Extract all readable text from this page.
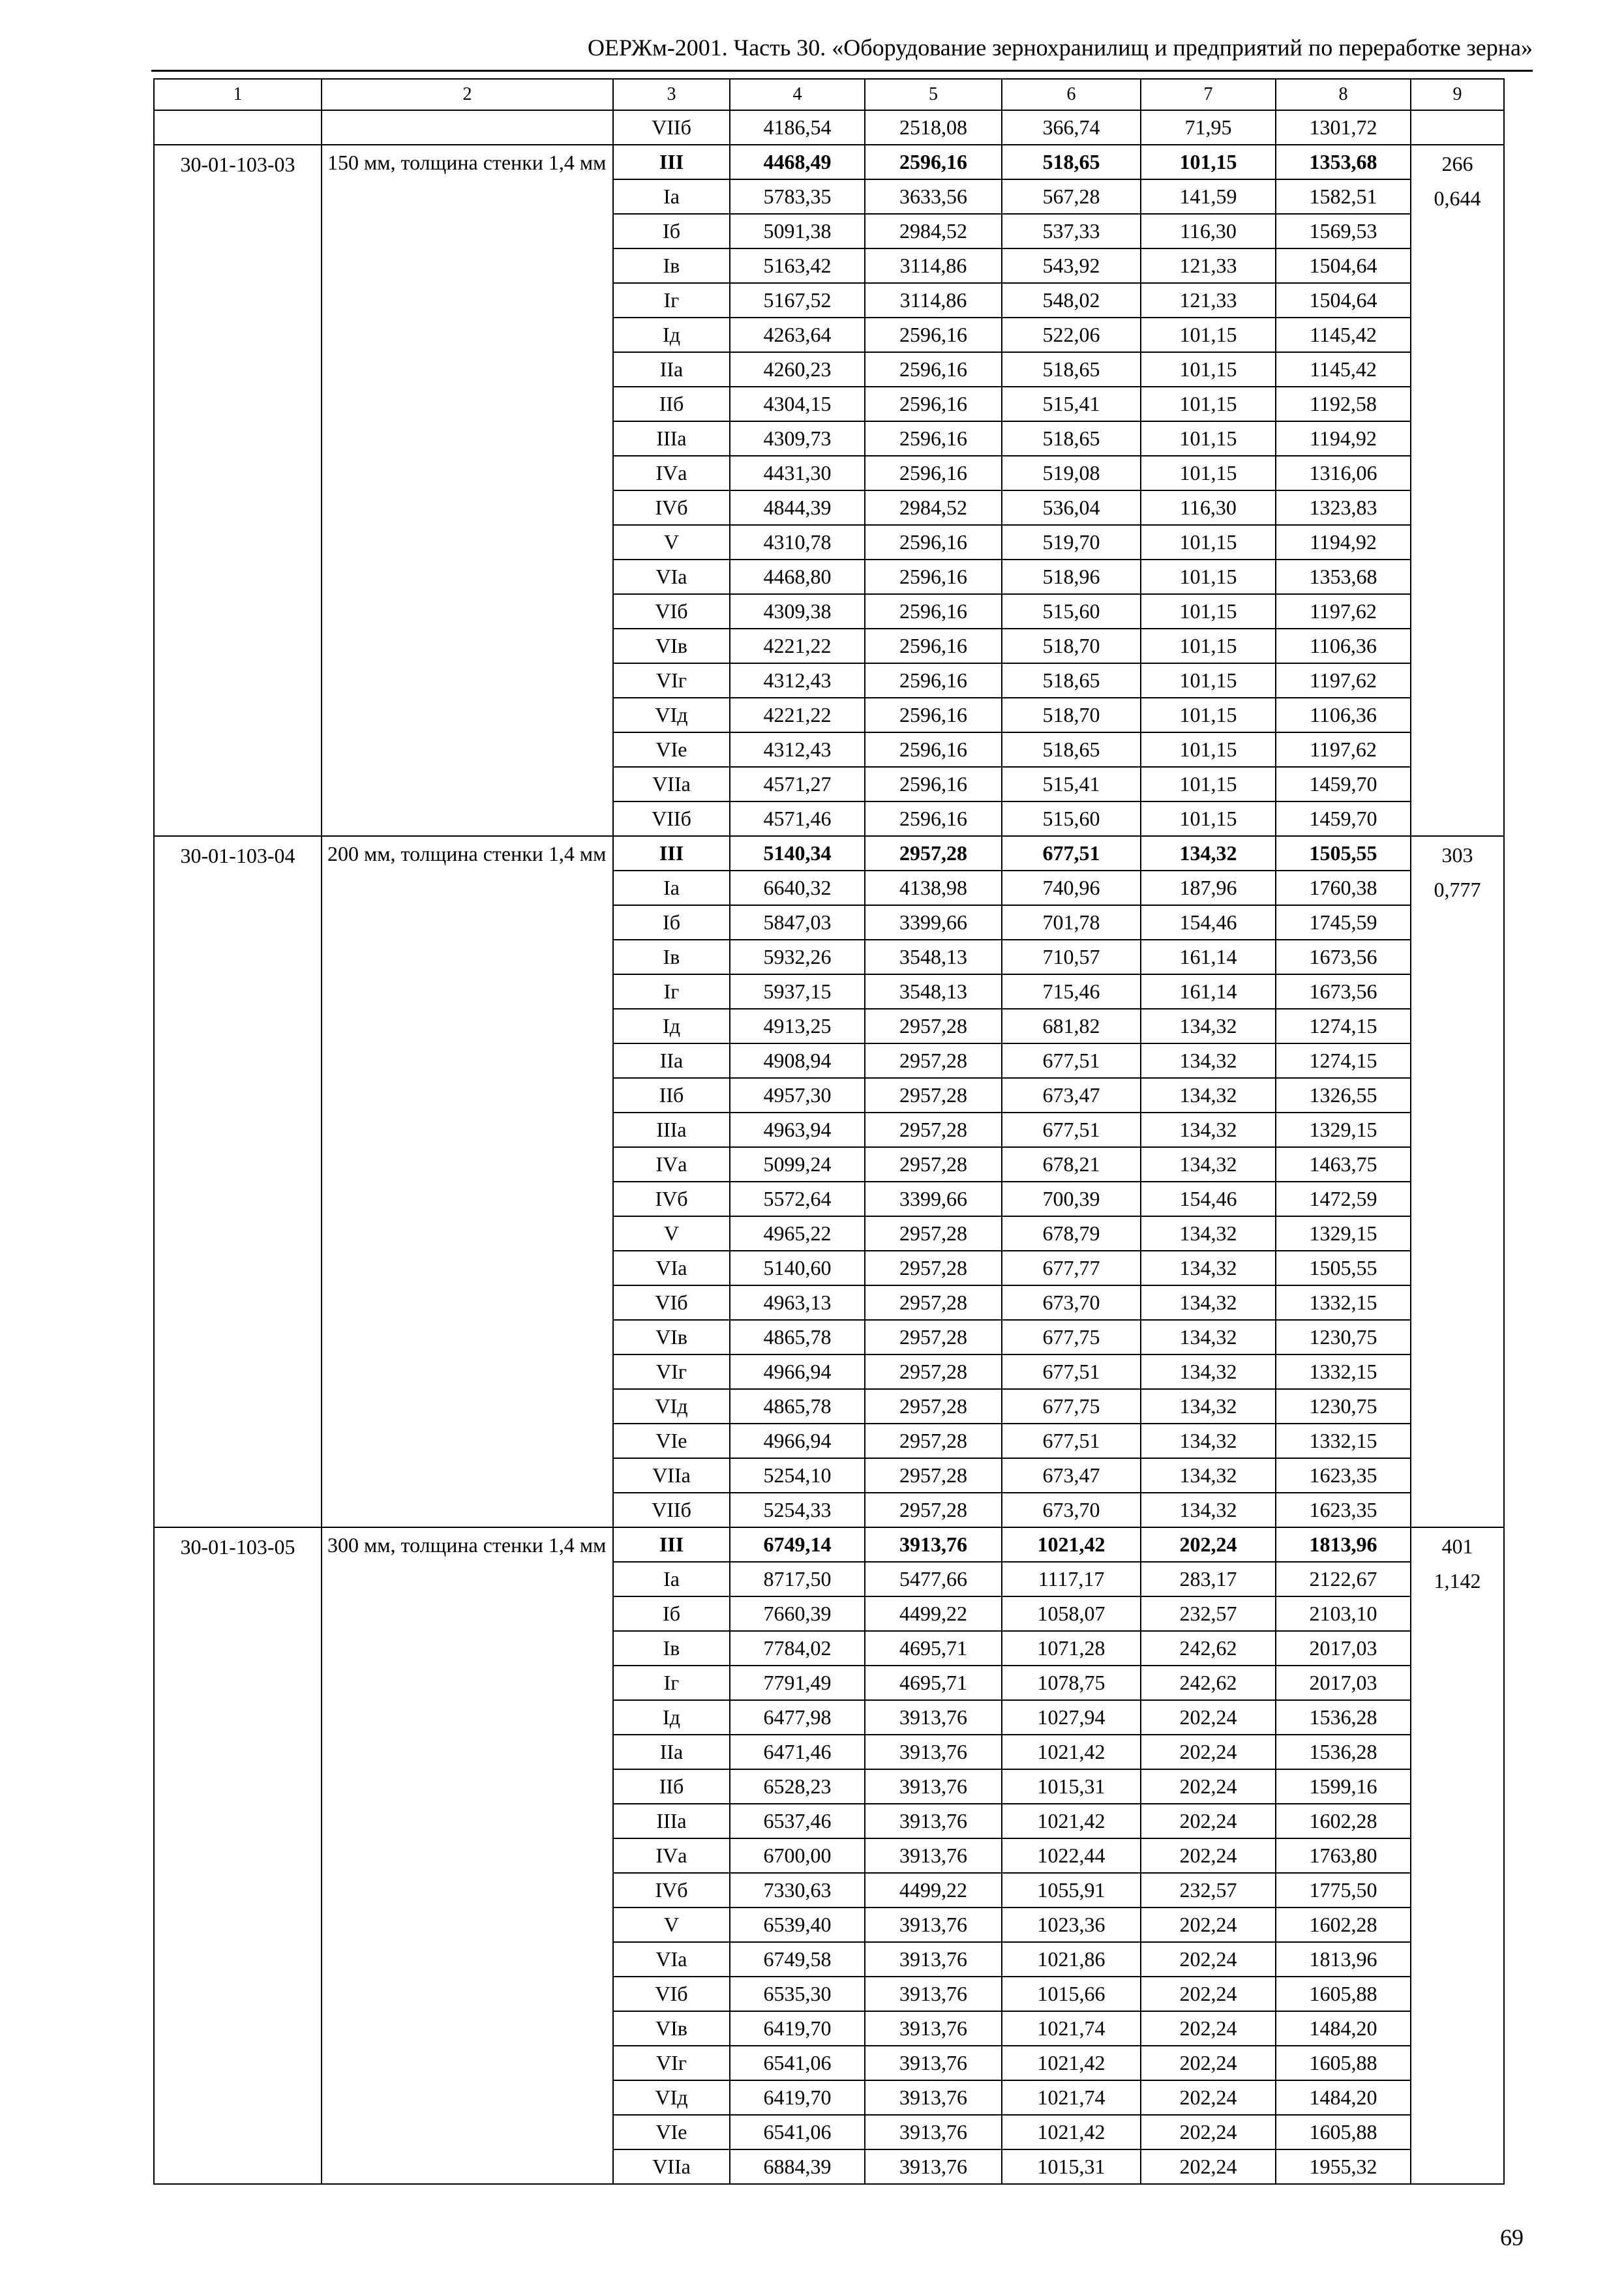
ОЕРЖм-2001. Часть 30. «Оборудование зернохранилищ и предприятий по переработке зерна»
1	2	3	4	5	6	7	8	9
		VIIб	4186,54	2518,08	366,74	71,95	1301,72	
30-01-103-03	150 мм, толщина стенки 1,4 мм	III	4468,49	2596,16	518,65	101,15	1353,68	266
0,644
		Iа	5783,35	3633,56	567,28	141,59	1582,51	
		Iб	5091,38	2984,52	537,33	116,30	1569,53	
		Iв	5163,42	3114,86	543,92	121,33	1504,64	
		Iг	5167,52	3114,86	548,02	121,33	1504,64	
		Iд	4263,64	2596,16	522,06	101,15	1145,42	
		IIа	4260,23	2596,16	518,65	101,15	1145,42	
		IIб	4304,15	2596,16	515,41	101,15	1192,58	
		IIIа	4309,73	2596,16	518,65	101,15	1194,92	
		IVа	4431,30	2596,16	519,08	101,15	1316,06	
		IVб	4844,39	2984,52	536,04	116,30	1323,83	
		V	4310,78	2596,16	519,70	101,15	1194,92	
		VIа	4468,80	2596,16	518,96	101,15	1353,68	
		VIб	4309,38	2596,16	515,60	101,15	1197,62	
		VIв	4221,22	2596,16	518,70	101,15	1106,36	
		VIг	4312,43	2596,16	518,65	101,15	1197,62	
		VIд	4221,22	2596,16	518,70	101,15	1106,36	
		VIе	4312,43	2596,16	518,65	101,15	1197,62	
		VIIа	4571,27	2596,16	515,41	101,15	1459,70	
		VIIб	4571,46	2596,16	515,60	101,15	1459,70	
30-01-103-04	200 мм, толщина стенки 1,4 мм	III	5140,34	2957,28	677,51	134,32	1505,55	303
0,777
		Iа	6640,32	4138,98	740,96	187,96	1760,38	
		Iб	5847,03	3399,66	701,78	154,46	1745,59	
		Iв	5932,26	3548,13	710,57	161,14	1673,56	
		Iг	5937,15	3548,13	715,46	161,14	1673,56	
		Iд	4913,25	2957,28	681,82	134,32	1274,15	
		IIа	4908,94	2957,28	677,51	134,32	1274,15	
		IIб	4957,30	2957,28	673,47	134,32	1326,55	
		IIIа	4963,94	2957,28	677,51	134,32	1329,15	
		IVа	5099,24	2957,28	678,21	134,32	1463,75	
		IVб	5572,64	3399,66	700,39	154,46	1472,59	
		V	4965,22	2957,28	678,79	134,32	1329,15	
		VIа	5140,60	2957,28	677,77	134,32	1505,55	
		VIб	4963,13	2957,28	673,70	134,32	1332,15	
		VIв	4865,78	2957,28	677,75	134,32	1230,75	
		VIг	4966,94	2957,28	677,51	134,32	1332,15	
		VIд	4865,78	2957,28	677,75	134,32	1230,75	
		VIе	4966,94	2957,28	677,51	134,32	1332,15	
		VIIа	5254,10	2957,28	673,47	134,32	1623,35	
		VIIб	5254,33	2957,28	673,70	134,32	1623,35	
30-01-103-05	300 мм, толщина стенки 1,4 мм	III	6749,14	3913,76	1021,42	202,24	1813,96	401
1,142
		Iа	8717,50	5477,66	1117,17	283,17	2122,67	
		Iб	7660,39	4499,22	1058,07	232,57	2103,10	
		Iв	7784,02	4695,71	1071,28	242,62	2017,03	
		Iг	7791,49	4695,71	1078,75	242,62	2017,03	
		Iд	6477,98	3913,76	1027,94	202,24	1536,28	
		IIа	6471,46	3913,76	1021,42	202,24	1536,28	
		IIб	6528,23	3913,76	1015,31	202,24	1599,16	
		IIIа	6537,46	3913,76	1021,42	202,24	1602,28	
		IVа	6700,00	3913,76	1022,44	202,24	1763,80	
		IVб	7330,63	4499,22	1055,91	232,57	1775,50	
		V	6539,40	3913,76	1023,36	202,24	1602,28	
		VIа	6749,58	3913,76	1021,86	202,24	1813,96	
		VIб	6535,30	3913,76	1015,66	202,24	1605,88	
		VIв	6419,70	3913,76	1021,74	202,24	1484,20	
		VIг	6541,06	3913,76	1021,42	202,24	1605,88	
		VIд	6419,70	3913,76	1021,74	202,24	1484,20	
		VIе	6541,06	3913,76	1021,42	202,24	1605,88	
		VIIа	6884,39	3913,76	1015,31	202,24	1955,32	
69
